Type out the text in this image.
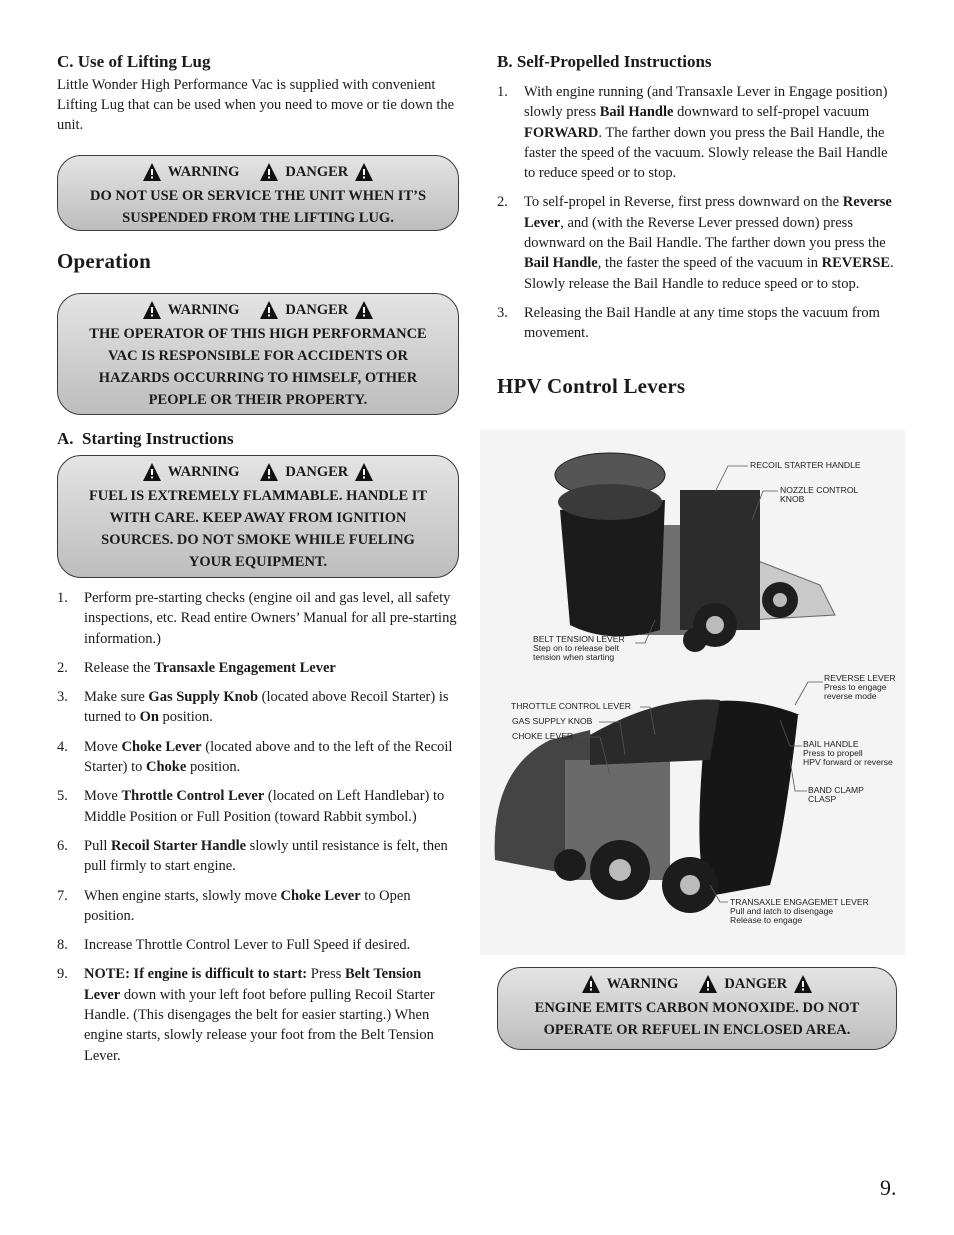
C. Use of Lifting Lug

Little Wonder High Performance Vac is supplied with convenient Lifting Lug that can be used when you need to move or tie down the unit.

WARNING	DANGER
DO NOT USE OR SERVICE THE UNIT WHEN IT’S
SUSPENDED FROM THE LIFTING LUG.
Operation
WARNING	DANGER
THE OPERATOR OF THIS HIGH PERFORMANCE
VAC IS RESPONSIBLE FOR ACCIDENTS OR
HAZARDS OCCURRING TO HIMSELF, OTHER
PEOPLE OR THEIR PROPERTY.
A.  Starting Instructions
WARNING	DANGER
FUEL IS EXTREMELY FLAMMABLE. HANDLE IT
WITH CARE. KEEP AWAY FROM IGNITION
SOURCES. DO NOT SMOKE WHILE FUELING
YOUR EQUIPMENT.
1. Perform pre-starting checks (engine oil and gas level, all safety inspections, etc. Read entire Owners’ Manual for all pre-starting information.)
2. Release the Transaxle Engagement Lever
3. Make sure Gas Supply Knob (located above Recoil Starter) is turned to On position.
4. Move Choke Lever (located above and to the left of the Recoil Starter) to Choke position.
5. Move Throttle Control Lever (located on Left Handlebar) to Middle Position or Full Position (toward Rabbit symbol.)
6. Pull Recoil Starter Handle slowly until resistance is felt, then pull firmly to start engine.
7. When engine starts, slowly move Choke Lever to Open position.
8. Increase Throttle Control Lever to Full Speed if desired.
9. NOTE: If engine is difficult to start: Press Belt Tension Lever down with your left foot before pulling Recoil Starter Handle. (This disengages the belt for easier starting.) When engine starts, slowly release your foot from the Belt Tension Lever.
B. Self-Propelled Instructions
1. With engine running (and Transaxle Lever in Engage position) slowly press Bail Handle downward to self-propel vacuum FORWARD. The farther down you press the Bail Handle, the faster the speed of the vacuum. Slowly release the Bail Handle to reduce speed or to stop.
2. To self-propel in Reverse, first press downward on the Reverse Lever, and (with the Reverse Lever pressed down) press downward on the Bail Handle. The farther down you press the Bail Handle, the faster the speed of the vacuum in REVERSE. Slowly release the Bail Handle to reduce speed or to stop.
3. Releasing the Bail Handle at any time stops the vacuum from movement.
HPV Control Levers
RECOIL STARTER HANDLE
NOZZLE CONTROL
KNOB
BELT TENSION LEVER
Step on to release belt
tension when starting
REVERSE LEVER
Press to engage
reverse mode
THROTTLE CONTROL LEVER
GAS SUPPLY KNOB
CHOKE LEVER
BAIL HANDLE
Press to propell
HPV forward or reverse
BAND CLAMP
CLASP
TRANSAXLE ENGAGEMET LEVER
Pull and latch to disengage
Release to engage
WARNING	DANGER
ENGINE EMITS CARBON MONOXIDE. DO NOT
OPERATE OR REFUEL IN ENCLOSED AREA.
9.
